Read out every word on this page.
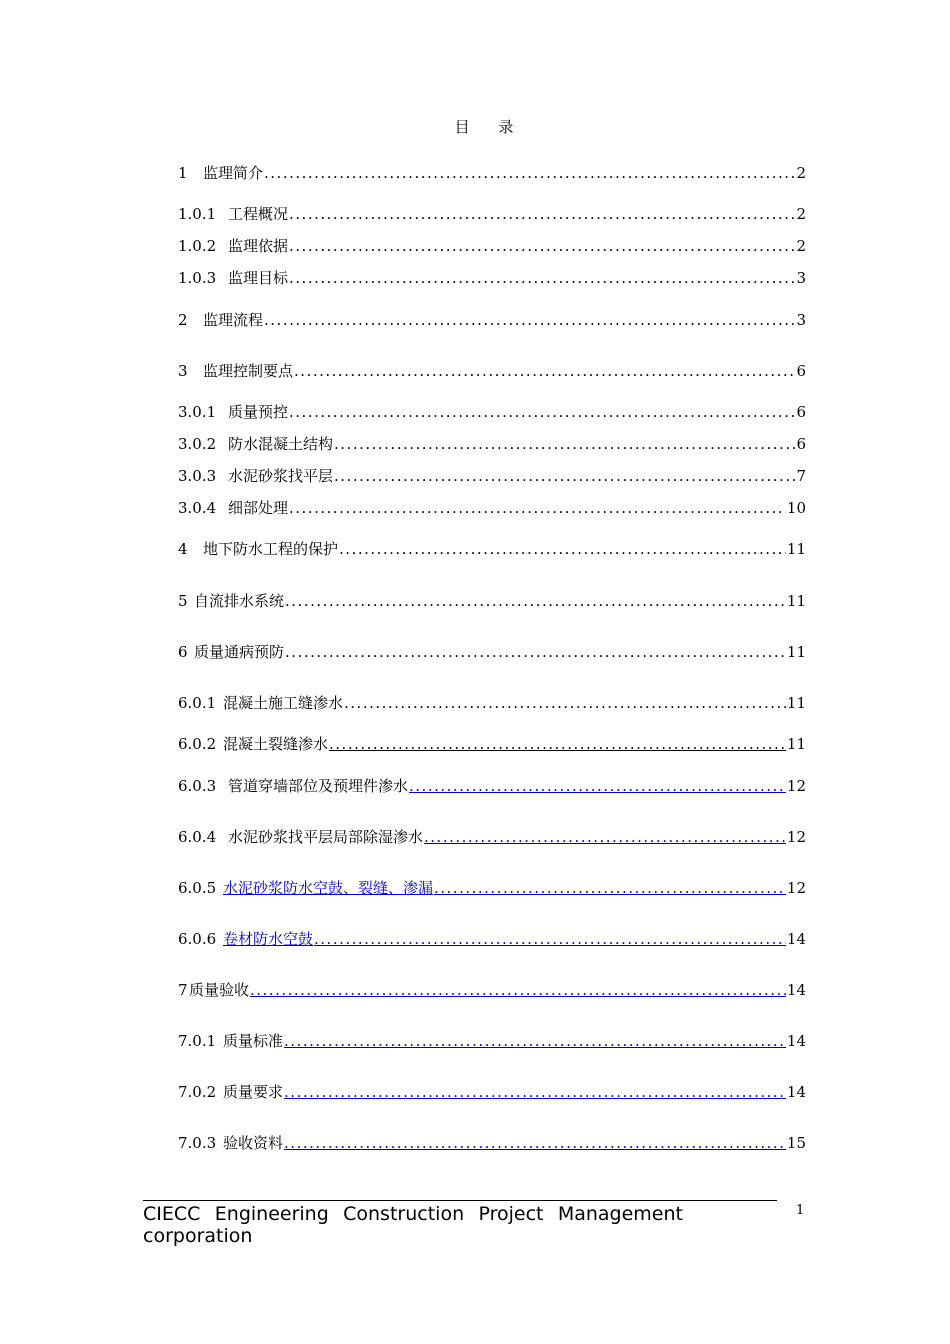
目 录
1	监理简介 .....	2
1.0.1 工程概况 .....	2
1.0.2 监理依据 .....	2
1.0.3 监理目标 .....	3
2	监理流程 .....	3
3	监理控制要点 .....	6
3.0.1 质量预控 .....	6
3.0.2 防水混凝土结构 .....	6
3.0.3 水泥砂浆找平层 .....	7
3.0.4 细部处理 .....	10
4	地下防水工程的保护 .....	11
5 自流排水系统 .....	11
6 质量通病预防 .....	11
6.0.1 混凝土施工缝渗水 .....	11
6.0.2 混凝土裂缝渗水 .....	11
6.0.3 管道穿墙部位及预埋件渗水 .....	12
6.0.4 水泥砂浆找平层局部除湿渗水 .....	12
6.0.5 水泥砂浆防水空鼓、裂缝、渗漏 .....	12
6.0.6 卷材防水空鼓 .....	14
7 质量验收 .....	14
7.0.1 质量标准 .....	14
7.0.2 质量要求 .....	14
7.0.3 验收资料 .....	15
CIECC Engineering Construction Project Management corporation
1
